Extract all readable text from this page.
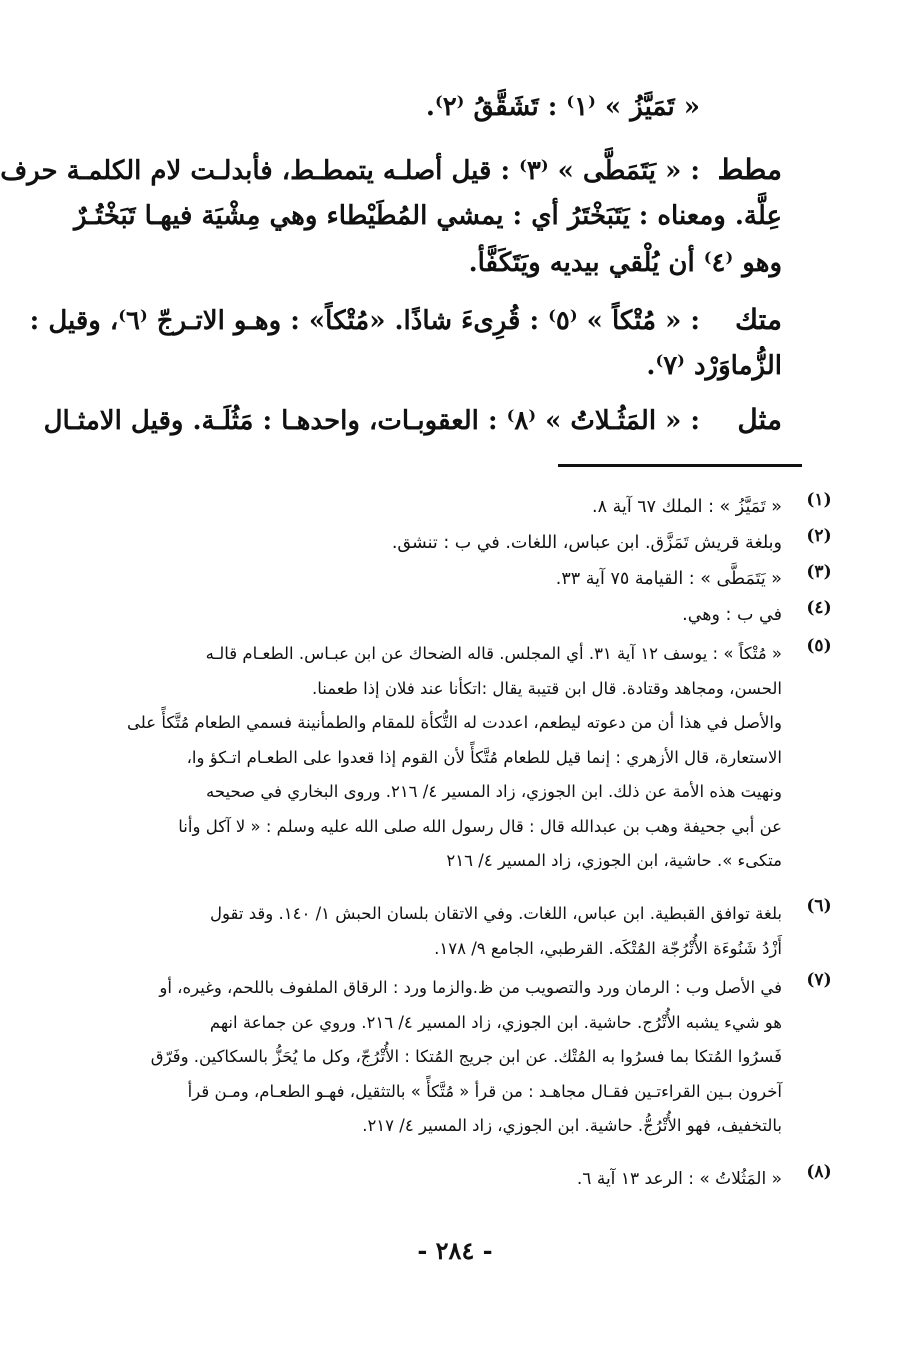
« تَمَيَّزُ » ⁽١⁾ : تَشَقَّقُ ⁽٢⁾.
مطط: « يَتَمَطَّى » ⁽٣⁾ : قيل أصلـه يتمطـط، فأبدلـت لام الكلمـة حرف
عِلَّة. ومعناه : يَتَبَخْتَرُ أي : يمشي المُطَيْطاء وهي مِشْيَة فيهـا تَبَخْتُـرٌ
وهو ⁽٤⁾ أن يُلْقي بيديه ويَتَكَفَّأ.
متك: « مُتْكاً » ⁽٥⁾ : قُرِىءَ شاذًا. «مُتْكاً» : وهـو الاتـرجّ ⁽٦⁾، وقيل :
الزُّماوَرْد ⁽٧⁾.
مثل: « المَثُـلاتُ » ⁽٨⁾ : العقوبـات، واحدهـا : مَثُلَـة. وقيل الامثـال
(١)
« تَمَيَّزُ » : الملك ٦٧ آية ٨.
(٢)
وبلغة قريش تَمَزَّق. ابن عباس، اللغات. في ب : تنشق.
(٣)
« يَتَمَطَّى » : القيامة ٧٥ آية ٣٣.
(٤)
في ب : وهي.
(٥)
« مُتْكاً » : يوسف ١٢ آية ٣١. أي المجلس. قاله الضحاك عن ابن عبـاس. الطعـام قالـه
الحسن، ومجاهد وقتادة. قال ابن قتيبة يقال :اتكأنا عند فلان إذا طعمنا.
والأصل في هذا أن من دعوته ليطعم، اعددت له التُّكأة للمقام والطمأنينة فسمي الطعام مُتَّكأً على
الاستعارة، قال الأزهري : إنما قيل للطعام مُتَّكأً لأن القوم إذا قعدوا على الطعـام اتـكؤ وا،
ونهيت هذه الأمة عن ذلك. ابن الجوزي، زاد المسير ٤/ ٢١٦. وروى البخاري في صحيحه
عن أبي جحيفة وهب بن عبدالله قال : قال رسول الله صلى الله عليه وسلم : « لا آكل وأنا
متكىء ». حاشية، ابن الجوزي، زاد المسير ٤/ ٢١٦
(٦)
بلغة توافق القبطية. ابن عباس، اللغات. وفي الاتقان بلسان الحبش ١/ ١٤٠. وقد تقول
أَزْدُ شَنُوءَة الأُتْرُجّة المُتْكَه. القرطبي، الجامع ٩/ ١٧٨.
(٧)
في الأصل وب : الرمان ورد والتصويب من ظ.والزما ورد : الرقاق الملفوف باللحم، وغيره، أو
هو شيء يشبه الأُتْرُج. حاشية. ابن الجوزي، زاد المسير ٤/ ٢١٦. وروي عن جماعة انهم
فَسرُوا المُتكا بما فسرُوا به المُتْك. عن ابن جريج المُتكا : الأُتْرُجّ، وكل ما يُحَزُّ بالسكاكين. وفَرّق
آخرون بـين القراءتـين فقـال مجاهـد : من قرأ « مُتَّكأً » بالتثقيل، فهـو الطعـام، ومـن قرأ
بالتخفيف، فهو الأُتْرُجُّ. حاشية. ابن الجوزي، زاد المسير ٤/ ٢١٧.
(٨)
« المَثُلاتُ » : الرعد ١٣ آية ٦.
- ٢٨٤ -
